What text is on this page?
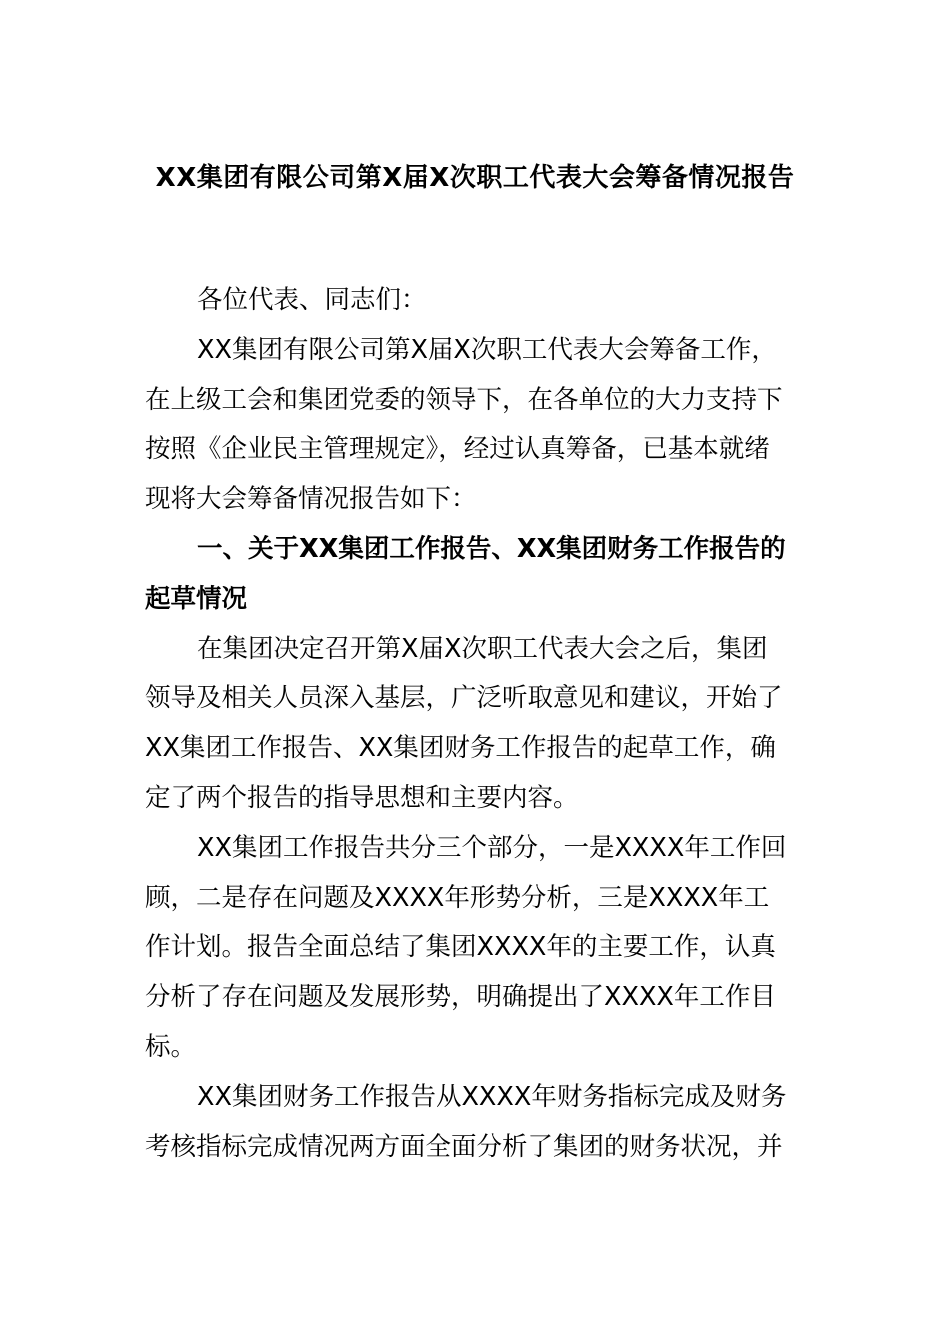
XX集团有限公司第X届X次职工代表大会筹备情况报告
各位代表、同志们：
XX集团有限公司第X届X次职工代表大会筹备工作，
在上级工会和集团党委的领导下，在各单位的大力支持下
按照《企业民主管理规定》，经过认真筹备，已基本就绪
现将大会筹备情况报告如下：
一、关于XX集团工作报告、XX集团财务工作报告的
起草情况
在集团决定召开第X届X次职工代表大会之后，集团
领导及相关人员深入基层，广泛听取意见和建议，开始了
XX集团工作报告、XX集团财务工作报告的起草工作，确
定了两个报告的指导思想和主要内容。
XX集团工作报告共分三个部分，一是XXXX年工作回
顾，二是存在问题及XXXX年形势分析，三是XXXX年工
作计划。报告全面总结了集团XXXX年的主要工作，认真
分析了存在问题及发展形势，明确提出了XXXX年工作目
标。
XX集团财务工作报告从XXXX年财务指标完成及财务
考核指标完成情况两方面全面分析了集团的财务状况，并
